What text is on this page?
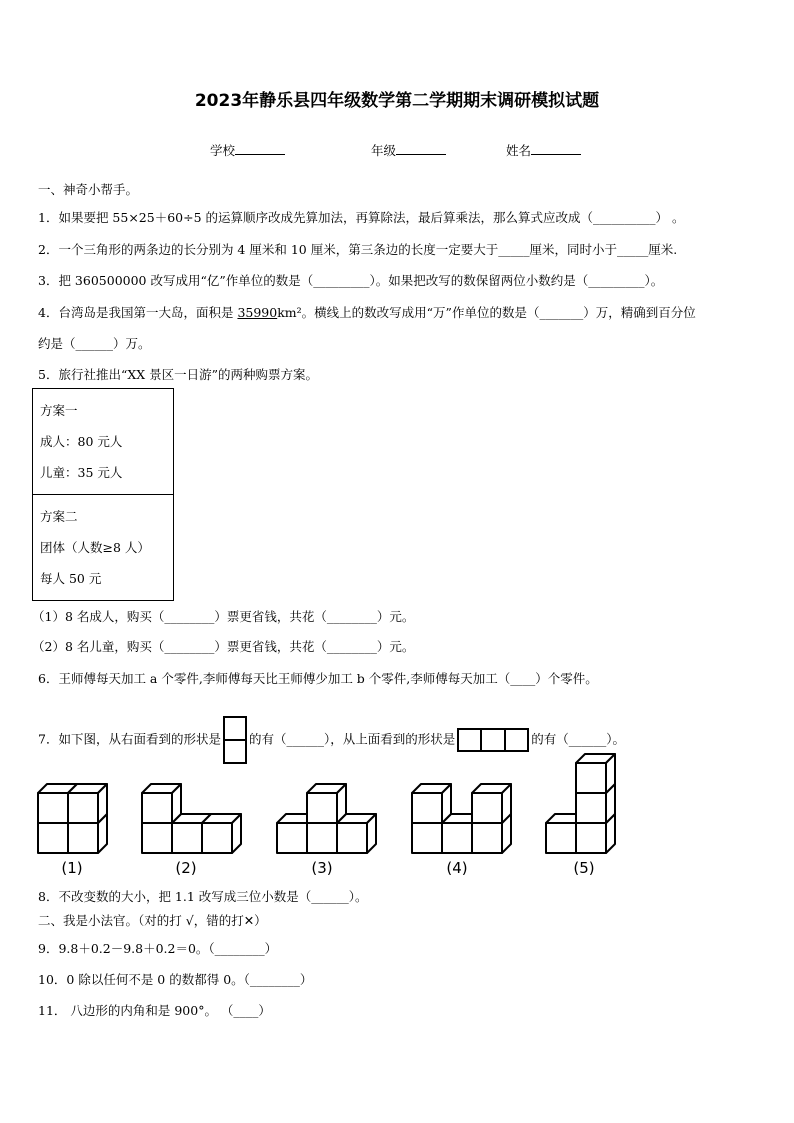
2023年静乐县四年级数学第二学期期末调研模拟试题
学校	年级	姓名
一、神奇小帮手。
1．如果要把 55×25＋60÷5 的运算顺序改成先算加法，再算除法，最后算乘法，那么算式应改成（__________） 。
2．一个三角形的两条边的长分别为 4 厘米和 10 厘米，第三条边的长度一定要大于_____厘米，同时小于_____厘米.
3．把 360500000 改写成用“亿”作单位的数是（_________）。如果把改写的数保留两位小数约是（_________）。
4．台湾岛是我国第一大岛，面积是 35990km²。横线上的数改写成用“万”作单位的数是（_______）万，精确到百分位
约是（______）万。
5．旅行社推出“XX 景区一日游”的两种购票方案。
方案一
成人：80 元人
儿童：35 元人
方案二
团体（人数≥8 人）
每人 50 元
（1）8 名成人，购买（________）票更省钱，共花（________）元。
（2）8 名儿童，购买（________）票更省钱，共花（________）元。
6．王师傅每天加工 a 个零件,李师傅每天比王师傅少加工 b 个零件,李师傅每天加工（____）个零件。
7．如下图，从右面看到的形状是 的有（______），从上面看到的形状是	的有（______）。
(1)	(2)	(3)	(4)	(5)
8．不改变数的大小，把 1.1 改写成三位小数是（______）。
二、我是小法官。（对的打 √，错的打✕）
9．9.8＋0.2－9.8＋0.2＝0。（________）
10．0 除以任何不是 0 的数都得 0。（________）
11． 八边形的内角和是 900°。 （____）
